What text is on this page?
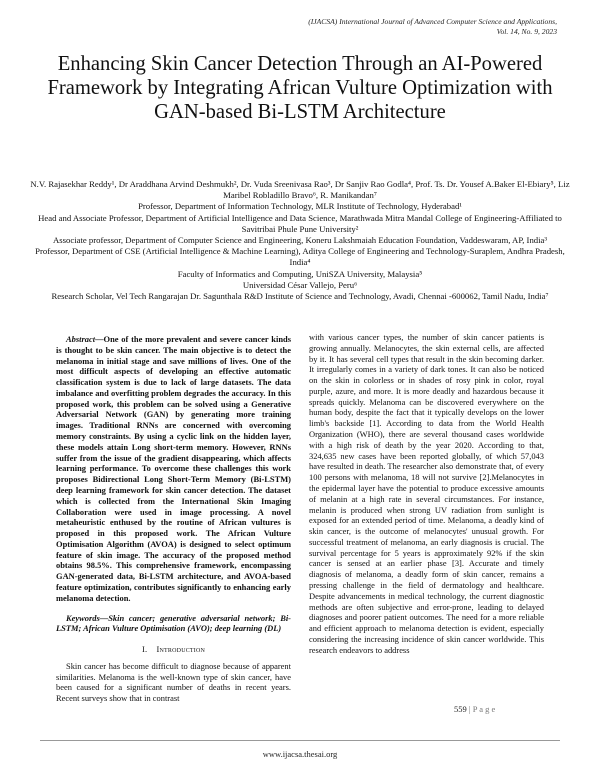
(IJACSA) International Journal of Advanced Computer Science and Applications,
Vol. 14, No. 9, 2023
Enhancing Skin Cancer Detection Through an AI-Powered Framework by Integrating African Vulture Optimization with GAN-based Bi-LSTM Architecture
N.V. Rajasekhar Reddy¹, Dr Araddhana Arvind Deshmukh², Dr. Vuda Sreenivasa Rao³, Dr Sanjiv Rao Godla⁴, Prof. Ts. Dr. Yousef A.Baker El-Ebiary⁵, Liz Maribel Robladillo Bravo⁶, R. Manikandan⁷
Professor, Department of Information Technology, MLR Institute of Technology, Hyderabad¹
Head and Associate Professor, Department of Artificial Intelligence and Data Science, Marathwada Mitra Mandal College of Engineering-Affiliated to Savitribai Phule Pune University²
Associate professor, Department of Computer Science and Engineering, Koneru Lakshmaiah Education Foundation, Vaddeswaram, AP, India³
Professor, Department of CSE (Artificial Intelligence & Machine Learning), Aditya College of Engineering and Technology-Suraplem, Andhra Pradesh, India⁴
Faculty of Informatics and Computing, UniSZA University, Malaysia⁵
Universidad César Vallejo, Peru⁶
Research Scholar, Vel Tech Rangarajan Dr. Sagunthala R&D Institute of Science and Technology, Avadi, Chennai -600062, Tamil Nadu, India⁷

Abstract—One of the more prevalent and severe cancer kinds is thought to be skin cancer. The main objective is to detect the melanoma in initial stage and save millions of lives. One of the most difficult aspects of developing an effective automatic classification system is due to lack of large datasets. The data imbalance and overfitting problem degrades the accuracy. In this proposed work, this problem can be solved using a Generative Adversarial Network (GAN) by generating more training images. Traditional RNNs are concerned with overcoming memory constraints. By using a cyclic link on the hidden layer, these models attain Long short-term memory. However, RNNs suffer from the issue of the gradient disappearing, which affects learning performance. To overcome these challenges this work proposes Bidirectional Long Short-Term Memory (Bi-LSTM) deep learning framework for skin cancer detection. The dataset which is collected from the International Skin Imaging Collaboration were used in image processing. A novel metaheuristic enthused by the routine of African vultures is proposed in this proposed work. The African Vulture Optimisation Algorithm (AVOA) is designed to select optimum feature of skin image. The accuracy of the proposed method obtains 98.5%. This comprehensive framework, encompassing GAN-generated data, Bi-LSTM architecture, and AVOA-based feature optimization, contributes significantly to enhancing early melanoma detection.

Keywords—Skin cancer; generative adversarial network; Bi-LSTM; African Vulture Optimisation (AVO); deep learning (DL)

I. Introduction

Skin cancer has become difficult to diagnose because of apparent similarities. Melanoma is the well-known type of skin cancer, have been caused for a significant number of deaths in recent years. Recent surveys show that in contrast

with various cancer types, the number of skin cancer patients is growing annually. Melanocytes, the skin external cells, are affected by it. It has several cell types that result in the skin becoming darker. It irregularly comes in a variety of dark tones. It can also be noticed on the skin in colorless or in shades of rosy pink in color, royal purple, azure, and more. It is more deadly and hazardous because it spreads quickly. Melanoma can be discovered everywhere on the human body, despite the fact that it typically develops on the lower limb's backside [1]. According to data from the World Health Organization (WHO), there are several thousand cases worldwide with a high risk of death by the year 2020. According to that, 324,635 new cases have been reported globally, of which 57,043 have resulted in death. The researcher also demonstrate that, of every 100 persons with melanoma, 18 will not survive [2].Melanocytes in the epidermal layer have the potential to produce excessive amounts of melanin at a high rate in several circumstances. For instance, melanin is produced when strong UV radiation from sunlight is exposed for an extended period of time. Melanoma, a deadly kind of skin cancer, is the outcome of melanocytes' unusual growth. For successful treatment of melanoma, an early diagnosis is crucial. The survival percentage for 5 years is approximately 92% if the skin cancer is sensed at an earlier phase [3]. Accurate and timely diagnosis of melanoma, a deadly form of skin cancer, remains a pressing challenge in the field of dermatology and healthcare. Despite advancements in medical technology, the current diagnostic methods are often subjective and error-prone, leading to delayed diagnoses and poorer patient outcomes. The need for a more reliable and efficient approach to melanoma detection is evident, especially considering the increasing incidence of skin cancer worldwide. This research endeavors to address

559 | P a g e
www.ijacsa.thesai.org
